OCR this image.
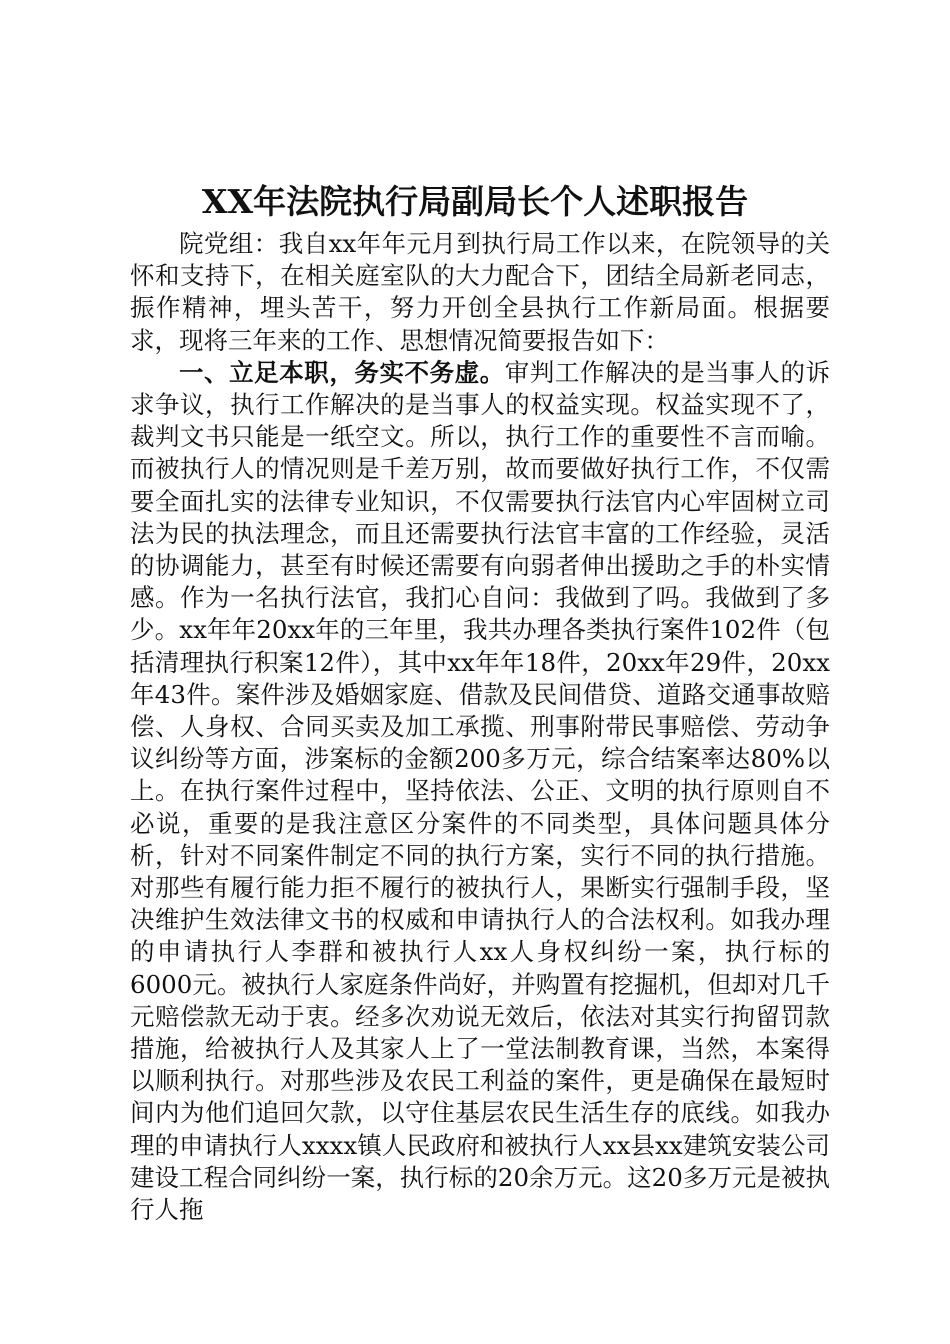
XX年法院执行局副局长个人述职报告

院党组：我自xx年年元月到执行局工作以来，在院领导的关怀和支持下，在相关庭室队的大力配合下，团结全局新老同志，振作精神，埋头苦干，努力开创全县执行工作新局面。根据要求，现将三年来的工作、思想情况简要报告如下：

一、立足本职，务实不务虚。审判工作解决的是当事人的诉求争议，执行工作解决的是当事人的权益实现。权益实现不了，裁判文书只能是一纸空文。所以，执行工作的重要性不言而喻。而被执行人的情况则是千差万别，故而要做好执行工作，不仅需要全面扎实的法律专业知识，不仅需要执行法官内心牢固树立司法为民的执法理念，而且还需要执行法官丰富的工作经验，灵活的协调能力，甚至有时候还需要有向弱者伸出援助之手的朴实情感。作为一名执行法官，我扪心自问：我做到了吗。我做到了多少。xx年年20xx年的三年里，我共办理各类执行案件102件（包括清理执行积案12件），其中xx年年18件，20xx年29件，20xx年43件。案件涉及婚姻家庭、借款及民间借贷、道路交通事故赔偿、人身权、合同买卖及加工承揽、刑事附带民事赔偿、劳动争议纠纷等方面，涉案标的金额200多万元，综合结案率达80%以上。在执行案件过程中，坚持依法、公正、文明的执行原则自不必说，重要的是我注意区分案件的不同类型，具体问题具体分析，针对不同案件制定不同的执行方案，实行不同的执行措施。对那些有履行能力拒不履行的被执行人，果断实行强制手段，坚决维护生效法律文书的权威和申请执行人的合法权利。如我办理的申请执行人李群和被执行人xx人身权纠纷一案，执行标的6000元。被执行人家庭条件尚好，并购置有挖掘机，但却对几千元赔偿款无动于衷。经多次劝说无效后，依法对其实行拘留罚款措施，给被执行人及其家人上了一堂法制教育课，当然，本案得以顺利执行。对那些涉及农民工利益的案件，更是确保在最短时间内为他们追回欠款，以守住基层农民生活生存的底线。如我办理的申请执行人xxxx镇人民政府和被执行人xx县xx建筑安装公司建设工程合同纠纷一案，执行标的20余万元。这20多万元是被执行人拖
